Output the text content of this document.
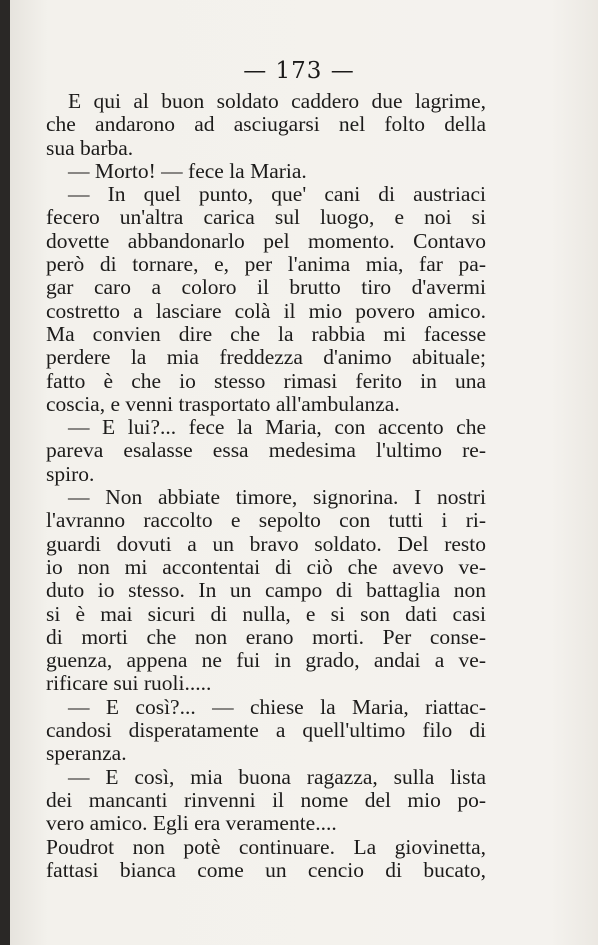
— 173 —
E qui al buon soldato caddero due lagrime,
che andarono ad asciugarsi nel folto della
sua barba.
— Morto! — fece la Maria.
— In quel punto, que' cani di austriaci
fecero un'altra carica sul luogo, e noi si
dovette abbandonarlo pel momento. Contavo
però di tornare, e, per l'anima mia, far pa-
gar caro a coloro il brutto tiro d'avermi
costretto a lasciare colà il mio povero amico.
Ma convien dire che la rabbia mi facesse
perdere la mia freddezza d'animo abituale;
fatto è che io stesso rimasi ferito in una
coscia, e venni trasportato all'ambulanza.
— E lui?... fece la Maria, con accento che
pareva esalasse essa medesima l'ultimo re-
spiro.
— Non abbiate timore, signorina. I nostri
l'avranno raccolto e sepolto con tutti i ri-
guardi dovuti a un bravo soldato. Del resto
io non mi accontentai di ciò che avevo ve-
duto io stesso. In un campo di battaglia non
si è mai sicuri di nulla, e si son dati casi
di morti che non erano morti. Per conse-
guenza, appena ne fui in grado, andai a ve-
rificare sui ruoli.....
— E così?... — chiese la Maria, riattac-
candosi disperatamente a quell'ultimo filo di
speranza.
— E così, mia buona ragazza, sulla lista
dei mancanti rinvenni il nome del mio po-
vero amico. Egli era veramente....
Poudrot non potè continuare. La giovinetta,
fattasi bianca come un cencio di bucato,
